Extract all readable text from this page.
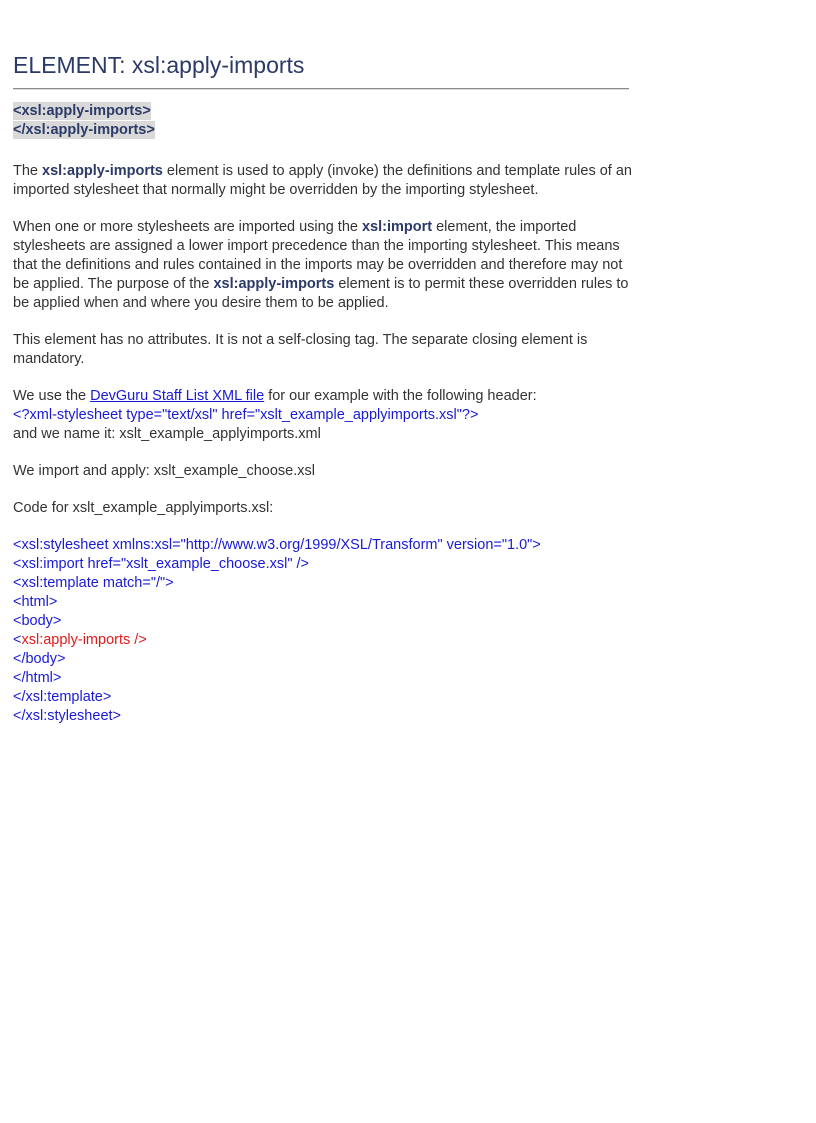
ELEMENT: xsl:apply-imports
<xsl:apply-imports>
</xsl:apply-imports>

The xsl:apply-imports element is used to apply (invoke) the definitions and template rules of an imported stylesheet that normally might be overridden by the importing stylesheet.

When one or more stylesheets are imported using the xsl:import element, the imported stylesheets are assigned a lower import precedence than the importing stylesheet. This means that the definitions and rules contained in the imports may be overridden and therefore may not be applied. The purpose of the xsl:apply-imports element is to permit these overridden rules to be applied when and where you desire them to be applied.

This element has no attributes. It is not a self-closing tag. The separate closing element is mandatory.

We use the DevGuru Staff List XML file for our example with the following header:
<?xml-stylesheet type="text/xsl" href="xslt_example_applyimports.xsl"?>
and we name it: xslt_example_applyimports.xml

We import and apply: xslt_example_choose.xsl

Code for xslt_example_applyimports.xsl:

<xsl:stylesheet xmlns:xsl="http://www.w3.org/1999/XSL/Transform" version="1.0">
<xsl:import href="xslt_example_choose.xsl" />
<xsl:template match="/">
<html>
<body>
<xsl:apply-imports />
</body>
</html>
</xsl:template>
</xsl:stylesheet>
